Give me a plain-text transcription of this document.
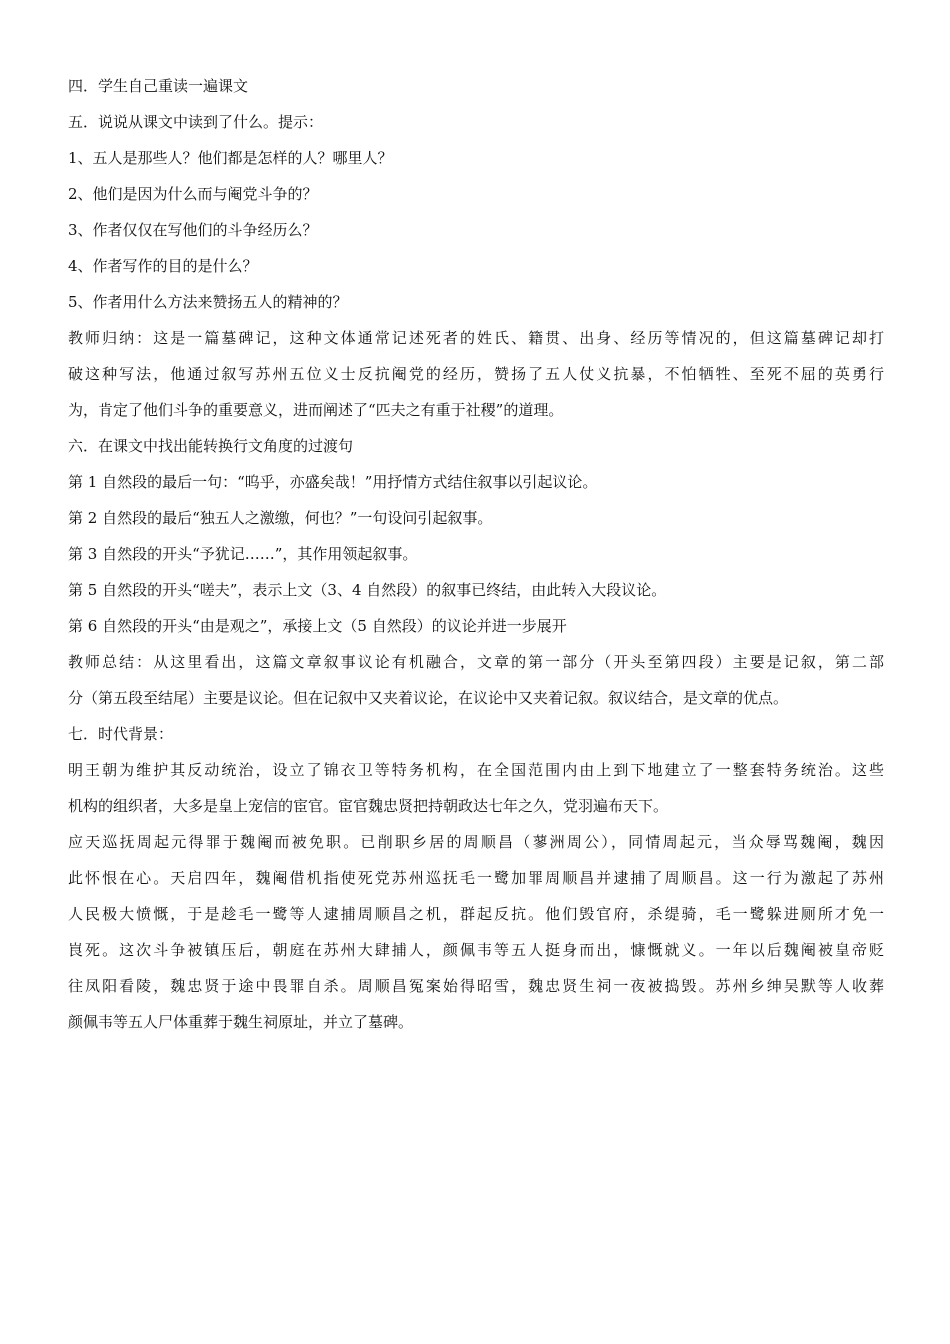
四．学生自己重读一遍课文
五．说说从课文中读到了什么。提示：
1、五人是那些人？他们都是怎样的人？哪里人？
2、他们是因为什么而与阉党斗争的？
3、作者仅仅在写他们的斗争经历么？
4、作者写作的目的是什么？
5、作者用什么方法来赞扬五人的精神的？
教师归纳：这是一篇墓碑记，这种文体通常记述死者的姓氏、籍贯、出身、经历等情况的，但这篇墓碑记却打
破这种写法，他通过叙写苏州五位义士反抗阉党的经历，赞扬了五人仗义抗暴，不怕牺牲、至死不屈的英勇行
为，肯定了他们斗争的重要意义，进而阐述了“匹夫之有重于社稷”的道理。
六．在课文中找出能转换行文角度的过渡句
第 1 自然段的最后一句：“呜乎，亦盛矣哉！”用抒情方式结住叙事以引起议论。
第 2 自然段的最后“独五人之激缴，何也？”一句设问引起叙事。
第 3 自然段的开头“予犹记……”，其作用领起叙事。
第 5 自然段的开头“嗟夫”，表示上文（3、4 自然段）的叙事已终结，由此转入大段议论。
第 6 自然段的开头“由是观之”，承接上文（5 自然段）的议论并进一步展开
教师总结：从这里看出，这篇文章叙事议论有机融合，文章的第一部分（开头至第四段）主要是记叙，第二部
分（第五段至结尾）主要是议论。但在记叙中又夹着议论，在议论中又夹着记叙。叙议结合，是文章的优点。
七．时代背景：
明王朝为维护其反动统治，设立了锦衣卫等特务机构，在全国范围内由上到下地建立了一整套特务统治。这些
机构的组织者，大多是皇上宠信的宦官。宦官魏忠贤把持朝政达七年之久，党羽遍布天下。
应天巡抚周起元得罪于魏阉而被免职。已削职乡居的周顺昌（蓼洲周公），同情周起元，当众辱骂魏阉，魏因
此怀恨在心。天启四年，魏阉借机指使死党苏州巡抚毛一鹭加罪周顺昌并逮捕了周顺昌。这一行为激起了苏州
人民极大愤慨，于是趁毛一鹭等人逮捕周顺昌之机，群起反抗。他们毁官府，杀缇骑，毛一鹭躲进厕所才免一
峎死。这次斗争被镇压后，朝庭在苏州大肆捕人，颜佩韦等五人挺身而出，慷慨就义。一年以后魏阉被皇帝贬
往凤阳看陵，魏忠贤于途中畏罪自杀。周顺昌冤案始得昭雪，魏忠贤生祠一夜被捣毁。苏州乡绅吴默等人收葬
颜佩韦等五人尸体重葬于魏生祠原址，并立了墓碑。
